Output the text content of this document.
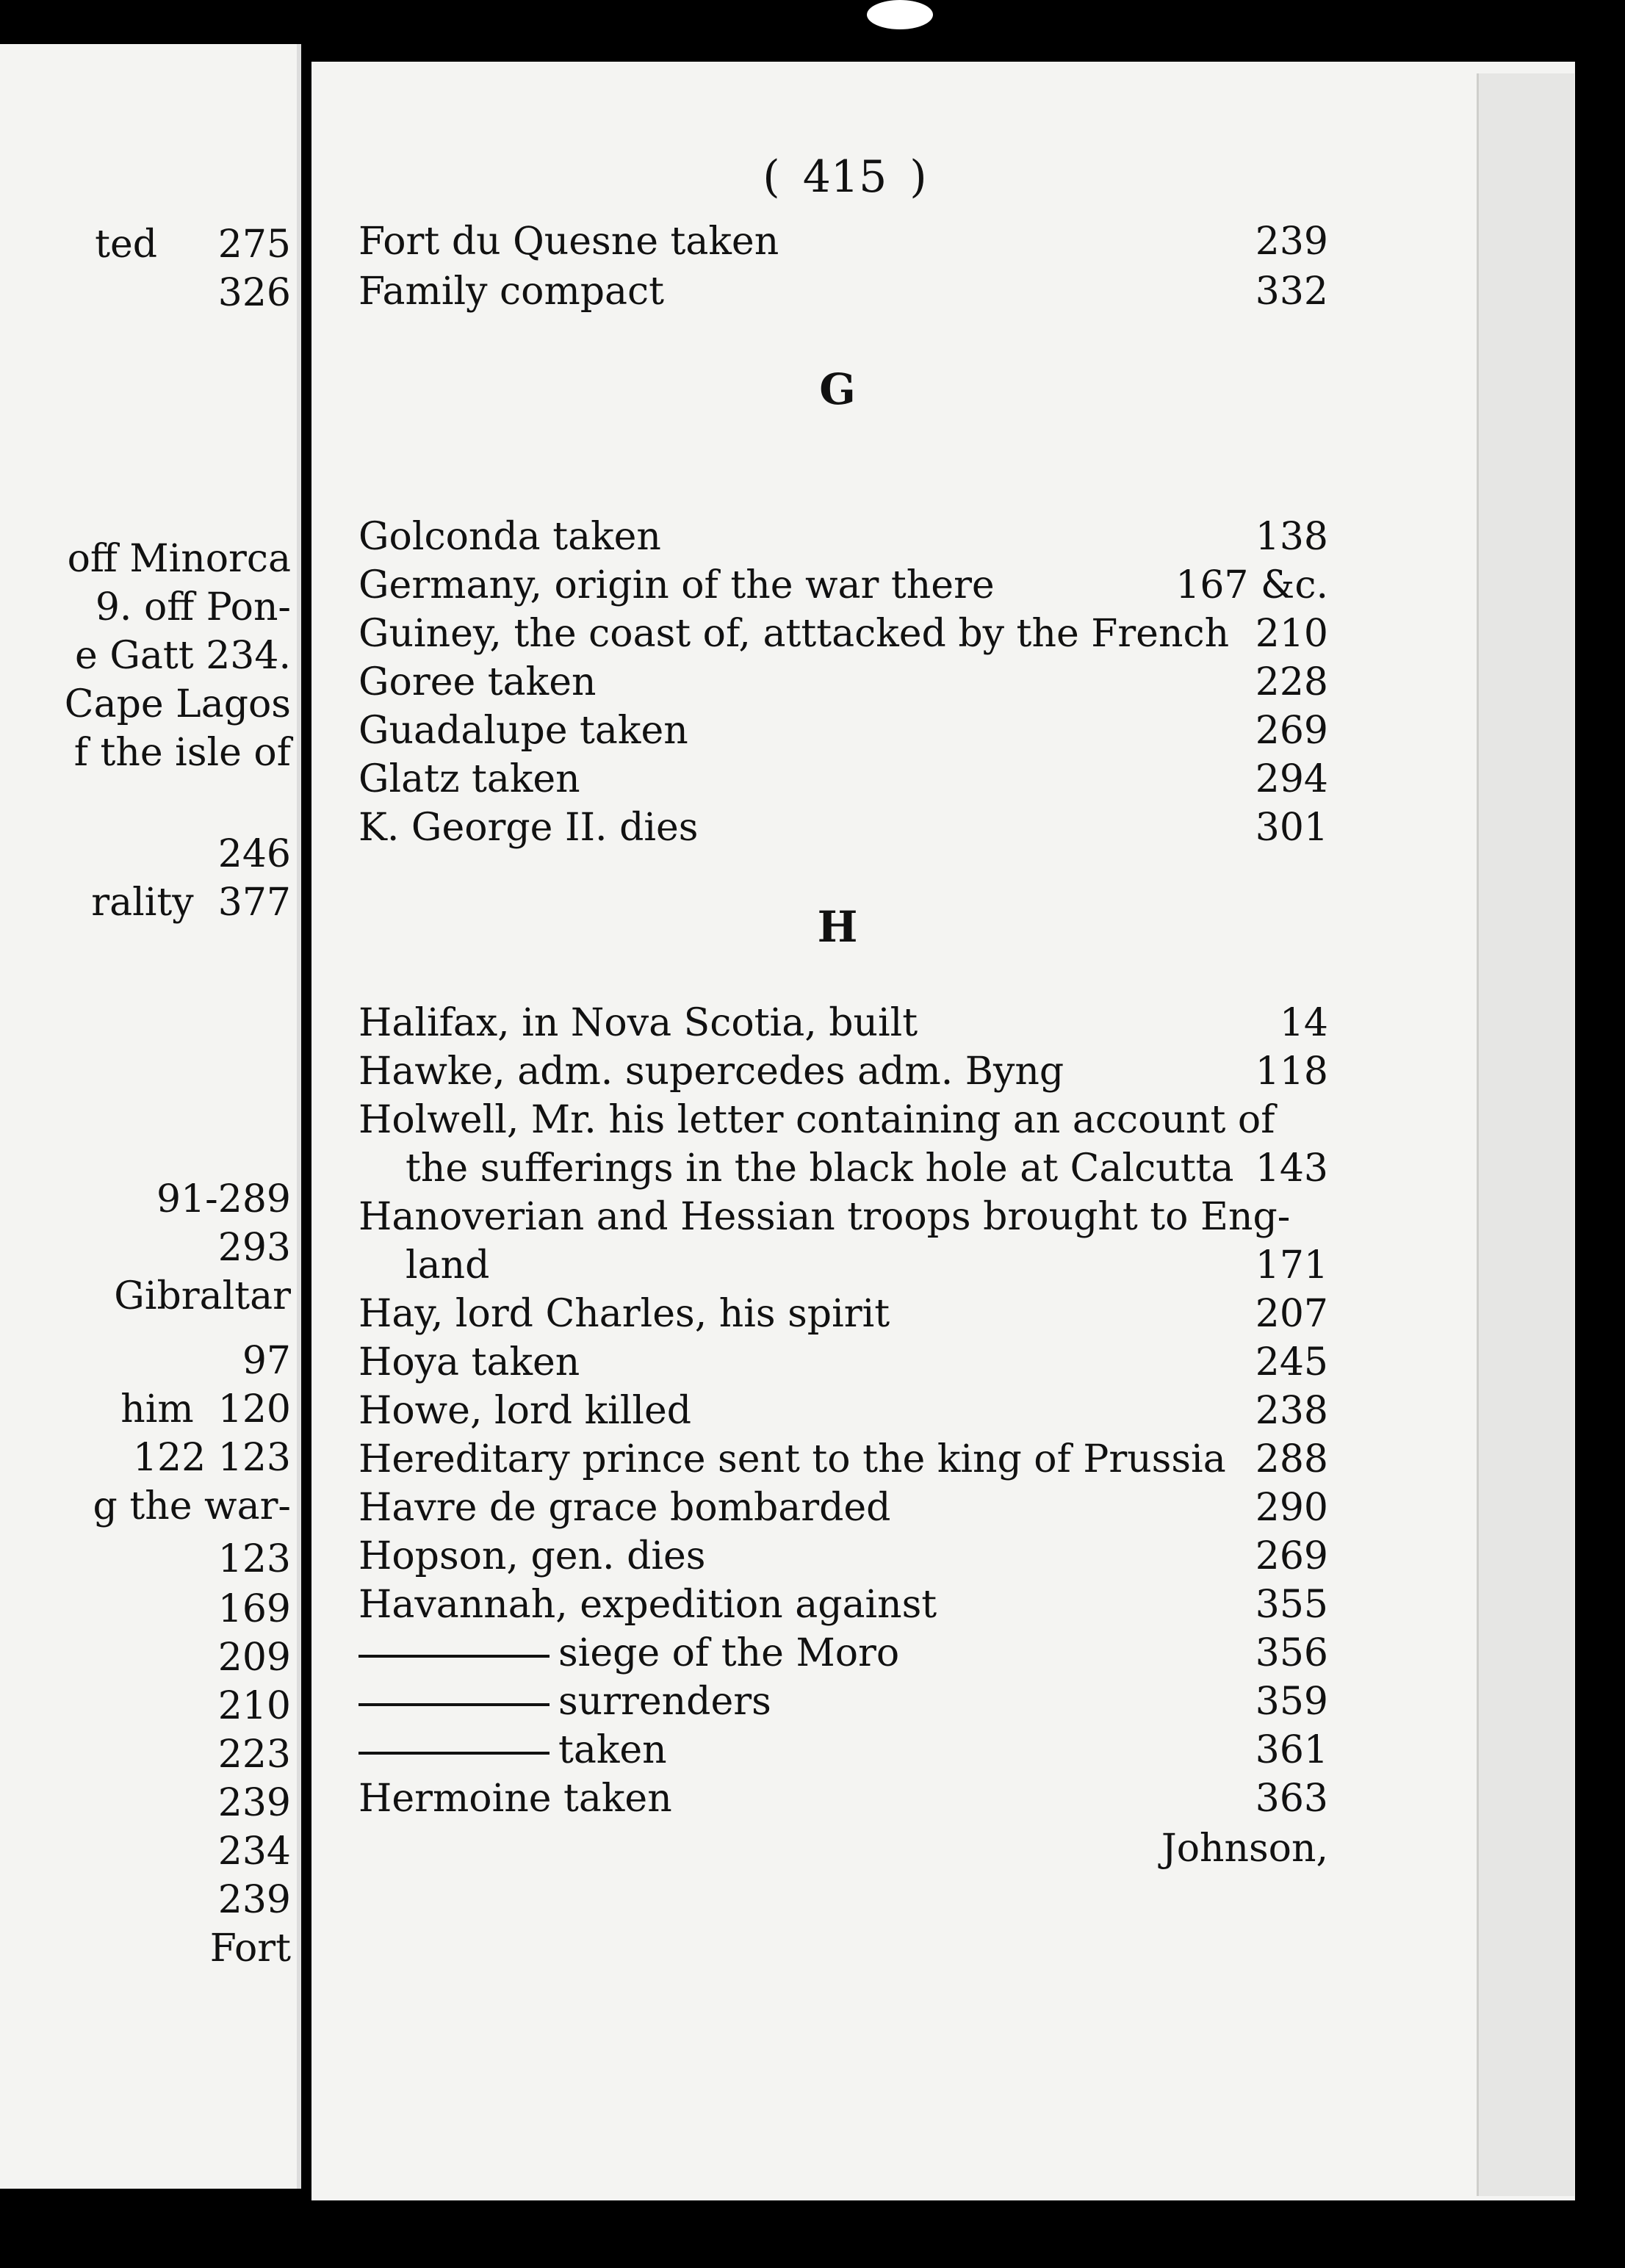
ted 275
326
off Minorca
9. off Pon-
e Gatt 234.
Cape Lagos
f the isle of
246
rality 377
91-289
293
Gibraltar
97
him 120
122 123
g the war-
123
169
209
210
223
239
234
239
Fort
( 415 )
Fort du Quesne taken	239
Family compact	332
G
Golconda taken	138
Germany, origin of the war there	167 &c.
Guiney, the coast of, atttacked by the French 210
Goree taken	228
Guadalupe taken	269
Glatz taken	294
K. George II. dies	301
H
Halifax, in Nova Scotia, built	14
Hawke, adm. supercedes adm. Byng	118
Holwell, Mr. his letter containing an account of
the sufferings in the black hole at Calcutta 143
Hanoverian and Hessian troops brought to Eng-
land	171
Hay, lord Charles, his spirit	207
Hoya taken	245
Howe, lord killed	238
Hereditary prince sent to the king of Prussia 288
Havre de grace bombarded	290
Hopson, gen. dies	269
Havannah, expedition against	355
siege of the Moro	356
surrenders	359
taken	361
Hermoine taken	363
Johnson,
